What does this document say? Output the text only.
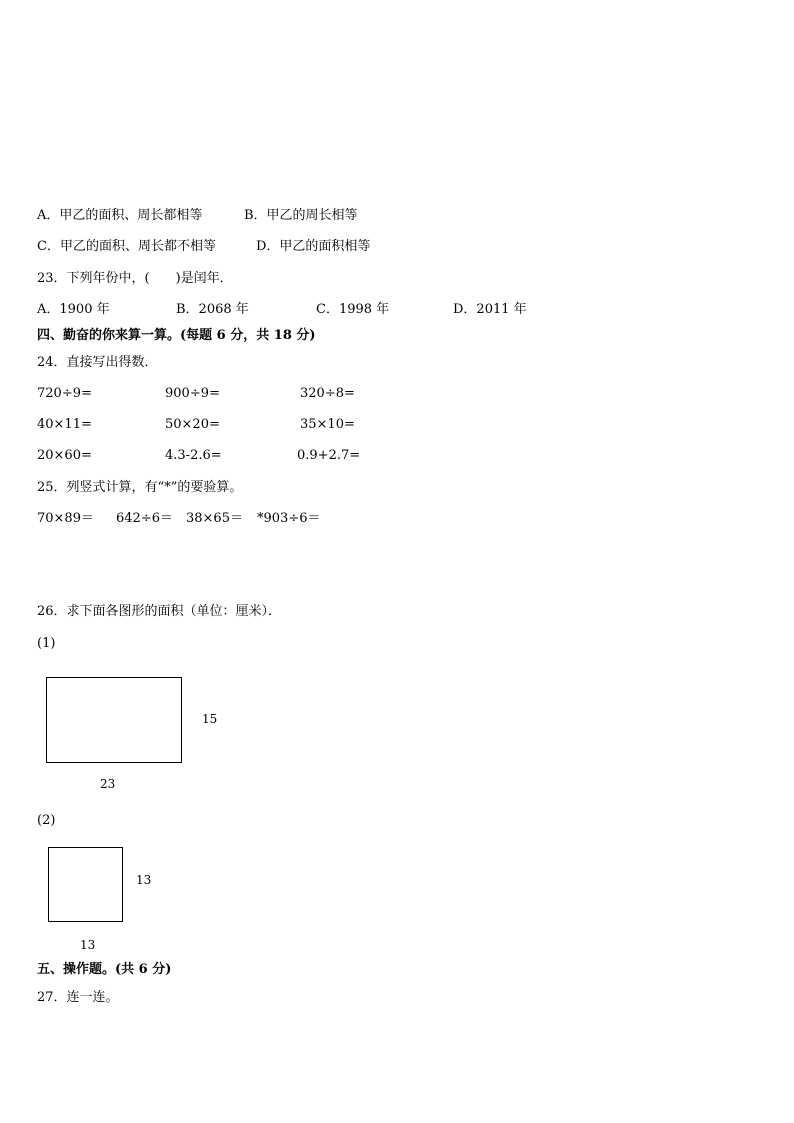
A．甲乙的面积、周长都相等	B．甲乙的周长相等
C．甲乙的面积、周长都不相等	D．甲乙的面积相等
23．下列年份中，(　　)是闰年．
A．1900 年	B．2068 年	C．1998 年	D．2011 年
四、勤奋的你来算一算。(每题 6 分，共 18 分)
24．直接写出得数．
720÷9=	900÷9=	320÷8=
40×11=	50×20=	35×10=
20×60=	4.3-2.6=	0.9+2.7=
25．列竖式计算，有“*”的要验算。
70×89＝ 642÷6＝ 38×65＝ *903÷6＝
26．求下面各图形的面积（单位：厘米）．
(1)
15
23
(2)
13
13
五、操作题。(共 6 分)
27．连一连。
